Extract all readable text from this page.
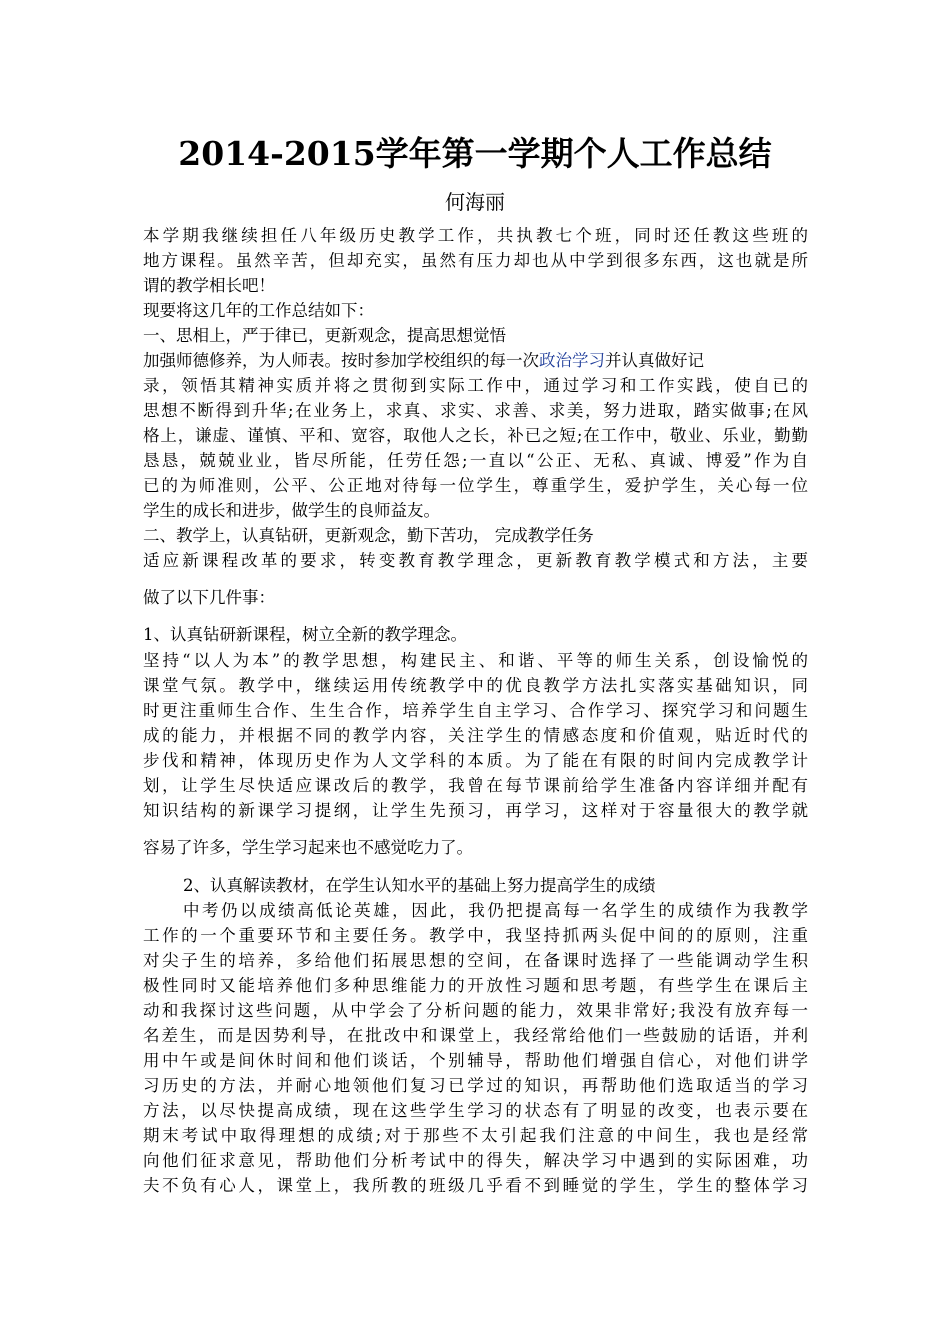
2014-2015学年第一学期个人工作总结
何海丽
本学期我继续担任八年级历史教学工作，共执教七个班，同时还任教这些班的
地方课程。虽然辛苦，但却充实，虽然有压力却也从中学到很多东西，这也就是所
谓的教学相长吧！
现要将这几年的工作总结如下：
一、思相上，严于律已，更新观念，提高思想觉悟
加强师德修养，为人师表。按时参加学校组织的每一次政治学习并认真做好记
录，领悟其精神实质并将之贯彻到实际工作中，通过学习和工作实践，使自已的
思想不断得到升华;在业务上，求真、求实、求善、求美，努力进取，踏实做事;在风
格上，谦虚、谨慎、平和、宽容，取他人之长，补已之短;在工作中，敬业、乐业，勤勤
恳恳，兢兢业业，皆尽所能，任劳任怨;一直以“公正、无私、真诚、博爱”作为自
已的为师准则，公平、公正地对待每一位学生，尊重学生，爱护学生，关心每一位
学生的成长和进步，做学生的良师益友。
二、教学上，认真钻研，更新观念，勤下苦功， 完成教学任务
适应新课程改革的要求，转变教育教学理念，更新教育教学模式和方法，主要
做了以下几件事：
1、认真钻研新课程，树立全新的教学理念。
坚持“以人为本”的教学思想，构建民主、和谐、平等的师生关系，创设愉悦的
课堂气氛。教学中，继续运用传统教学中的优良教学方法扎实落实基础知识，同
时更注重师生合作、生生合作，培养学生自主学习、合作学习、探究学习和问题生
成的能力，并根据不同的教学内容，关注学生的情感态度和价值观，贴近时代的
步伐和精神，体现历史作为人文学科的本质。为了能在有限的时间内完成教学计
划，让学生尽快适应课改后的教学，我曾在每节课前给学生准备内容详细并配有
知识结构的新课学习提纲，让学生先预习，再学习，这样对于容量很大的教学就
容易了许多，学生学习起来也不感觉吃力了。
2、认真解读教材，在学生认知水平的基础上努力提高学生的成绩
中考仍以成绩高低论英雄，因此，我仍把提高每一名学生的成绩作为我教学
工作的一个重要环节和主要任务。教学中，我坚持抓两头促中间的的原则，注重
对尖子生的培养，多给他们拓展思想的空间，在备课时选择了一些能调动学生积
极性同时又能培养他们多种思维能力的开放性习题和思考题，有些学生在课后主
动和我探讨这些问题，从中学会了分析问题的能力，效果非常好;我没有放弃每一
名差生，而是因势利导，在批改中和课堂上，我经常给他们一些鼓励的话语，并利
用中午或是间休时间和他们谈话，个别辅导，帮助他们增强自信心，对他们讲学
习历史的方法，并耐心地领他们复习已学过的知识，再帮助他们选取适当的学习
方法，以尽快提高成绩，现在这些学生学习的状态有了明显的改变，也表示要在
期末考试中取得理想的成绩;对于那些不太引起我们注意的中间生，我也是经常
向他们征求意见，帮助他们分析考试中的得失，解决学习中遇到的实际困难，功
夫不负有心人，课堂上，我所教的班级几乎看不到睡觉的学生，学生的整体学习
